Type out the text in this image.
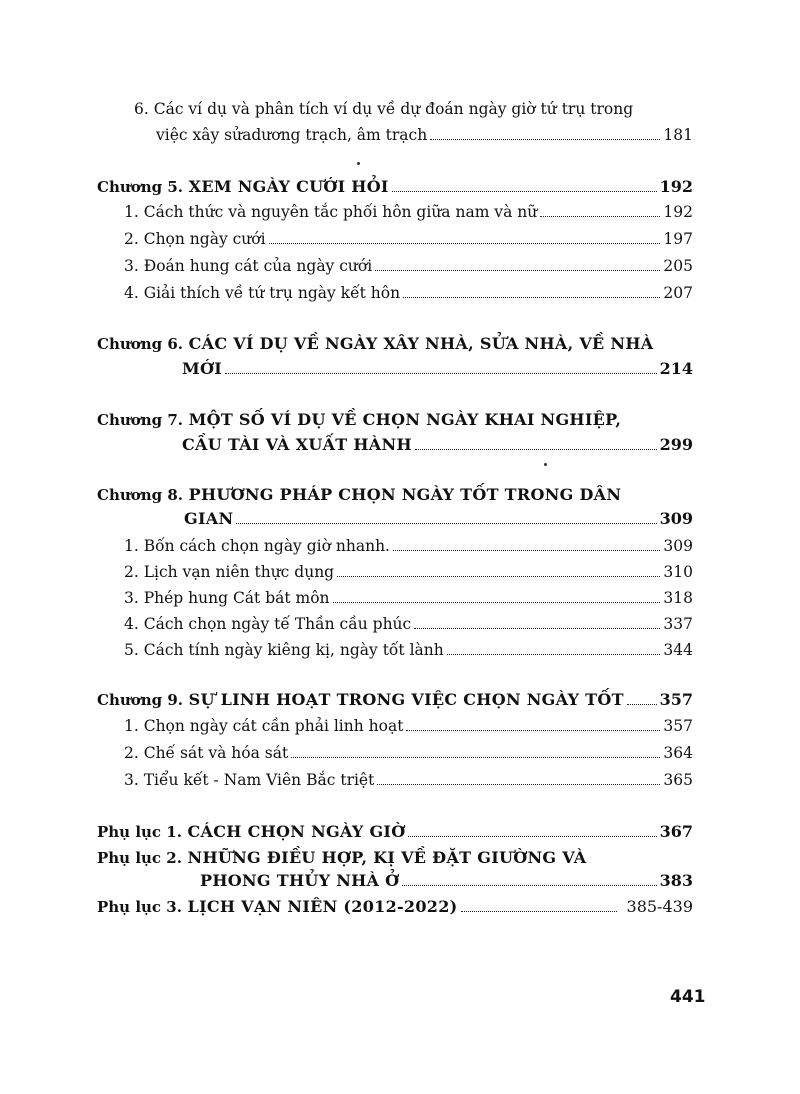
6. Các ví dụ và phân tích ví dụ về dự đoán ngày giờ tứ trụ trong
việc xây sửadương trạch, âm trạch	181
Chương 5. XEM NGÀY CƯỚI HỎI	192
1. Cách thức và nguyên tắc phối hôn giữa nam và nữ	192
2. Chọn ngày cưới	197
3. Đoán hung cát của ngày cưới	205
4. Giải thích về tứ trụ ngày kết hôn	207
Chương 6. CÁC VÍ DỤ VỀ NGÀY XÂY NHÀ, SỬA NHÀ, VỀ NHÀ
MỚI	214
Chương 7. MỘT SỐ VÍ DỤ VỀ CHỌN NGÀY KHAI NGHIỆP,
CẦU TÀI VÀ XUẤT HÀNH	299
Chương 8. PHƯƠNG PHÁP CHỌN NGÀY TỐT TRONG DÂN
GIAN	309
1. Bốn cách chọn ngày giờ nhanh.	309
2. Lịch vạn niên thực dụng	310
3. Phép hung Cát bát môn	318
4. Cách chọn ngày tế Thần cầu phúc	337
5. Cách tính ngày kiêng kị, ngày tốt lành	344
Chương 9. SỰ LINH HOẠT TRONG VIỆC CHỌN NGÀY TỐT 357
1. Chọn ngày cát cần phải linh hoạt	357
2. Chế sát và hóa sát	364
3. Tiểu kết - Nam Viên Bắc triệt	365
Phụ lục 1. CÁCH CHỌN NGÀY GIỜ	367
Phụ lục 2. NHỮNG ĐIỀU HỢP, KỊ VỀ ĐẶT GIƯỜNG VÀ
PHONG THỦY NHÀ Ở	383
Phụ lục 3. LỊCH VẠN NIÊN (2012-2022)	385-439
441
